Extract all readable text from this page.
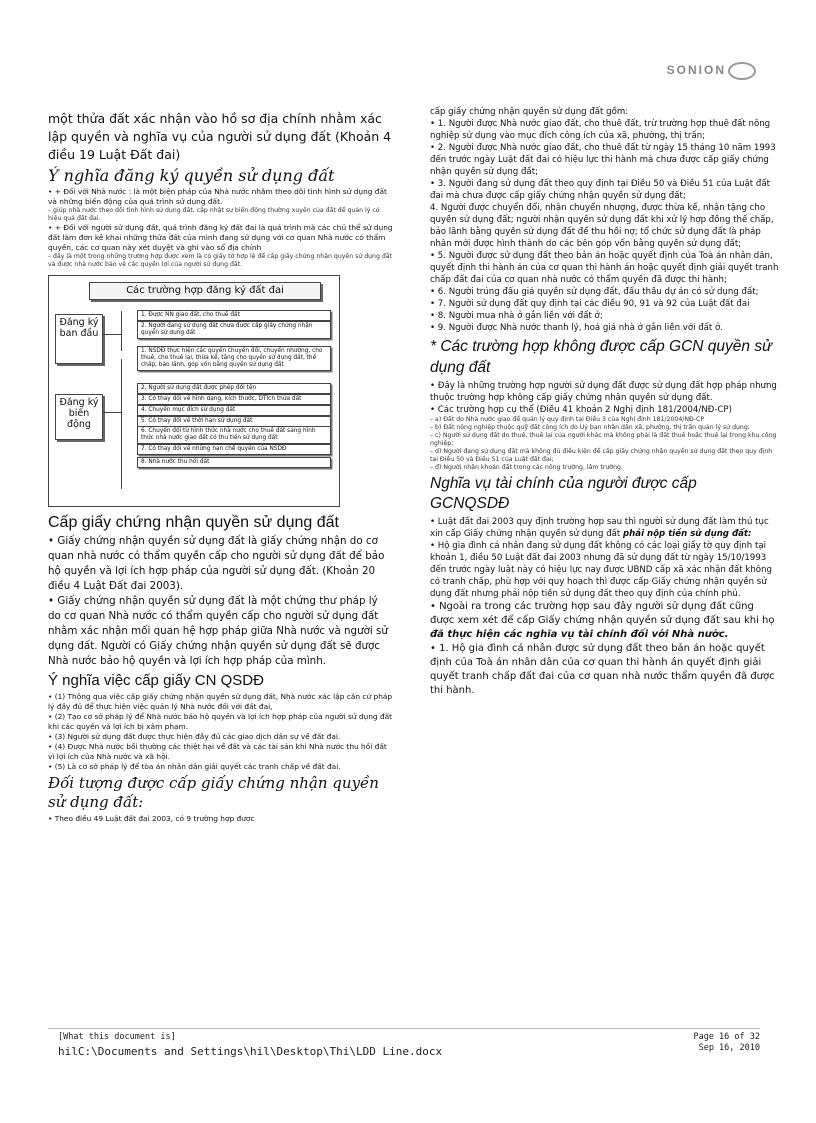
SONION

một thửa đất xác nhận vào hồ sơ địa chính nhằm xác lập quyền và nghĩa vụ của người sử dụng đất (Khoản 4 điều 19 Luật Đất đai)

Ý nghĩa đăng ký quyền sử dụng đất

• + Đối với Nhà nước : là một biện pháp của Nhà nước nhằm theo dõi tình hình sử dụng đất và những biến động của quá trình sử dụng đất.

– giúp nhà nước theo dõi tình hình sử dụng đất, cập nhật sự biến động thường xuyên của đất để quản lý có hiệu quả đất đai.

• + Đối với người sử dụng đất, quá trình đăng ký đất đai là quá trình mà các chủ thể sử dụng đất làm đơn kê khai những thửa đất của mình đang sử dụng với cơ quan Nhà nước có thẩm quyền, các cơ quan này xét duyệt và ghi vào sổ địa chính

– đây là một trong những trường hợp được xem là có giấy tờ hợp lệ để cấp giấy chứng nhận quyền sử dụng đất và được nhà nước bảo vệ các quyền lợi của người sử dụng đất.

Các trường hợp đăng ký đất đai
Đăng ký ban đầu
Đăng ký biến động
1. Được NN giao đất, cho thuê đất
2. Người đang sử dụng đất chưa được cấp giấy chứng nhận quyền sử dụng đất
1. NSDĐ thực hiện các quyền chuyển đổi, chuyển nhượng, cho thuê, cho thuê lại, thừa kế, tặng cho quyền sử dụng đất, thế chấp, bảo lãnh, góp vốn bằng quyền sử dụng đất
2. Người sử dụng đất được phép đổi tên
3. Có thay đổi về hình dạng, kích thước, DTích thửa đất
4. Chuyển mục đích sử dụng đất
5. Có thay đổi về thời hạn sử dụng đất
6. Chuyển đổi từ hình thức nhà nước cho thuê đất sang hình thức nhà nước giao đất có thu tiền sử dụng đất
7. Có thay đổi về những hạn chế quyền của NSDĐ
8. Nhà nước thu hồi đất
Cấp giấy chứng nhận quyền sử dụng đất

• Giấy chứng nhận quyền sử dụng đất là giấy chứng nhận do cơ quan nhà nước có thẩm quyền cấp cho người sử dụng đất để bảo hộ quyền và lợi ích hợp pháp của người sử dụng đất. (Khoản 20 điều 4 Luật Đất đai 2003).

• Giấy chứng nhận quyền sử dụng đất là một chứng thư pháp lý do cơ quan Nhà nước có thẩm quyền cấp cho người sử dụng đất nhằm xác nhận mối quan hệ hợp pháp giữa Nhà nước và người sử dụng đất. Người có Giấy chứng nhận quyền sử dụng đất sẽ được Nhà nước bảo hộ quyền và lợi ích hợp pháp của mình.

Ý nghĩa việc cấp giấy CN QSDĐ

• (1) Thông qua việc cấp giấy chứng nhận quyền sử dụng đất, Nhà nước xác lập căn cứ pháp lý đầy đủ để thực hiện việc quản lý Nhà nước đối với đất đai,

• (2) Tạo cơ sở pháp lý để Nhà nước bảo hộ quyền và lợi ích hợp pháp của người sử dụng đất khi các quyền và lợi ích bị xâm phạm.

• (3) Người sử dụng đất được thực hiện đầy đủ các giao dịch dân sự về đất đai.

• (4) Được Nhà nước bồi thường các thiệt hại về đất và các tài sản khi Nhà nước thu hồi đất vì lợi ích của Nhà nước và xã hội.

• (5) Là cơ sở pháp lý để tòa án nhân dân giải quyết các tranh chấp về đất đai.

Đối tượng được cấp giấy chứng nhận quyền sử dụng đất:

• Theo điều 49 Luật đất đai 2003, có 9 trường hợp được

cấp giấy chứng nhận quyền sử dụng đất gồm:

• 1. Người được Nhà nước giao đất, cho thuê đất, trừ trường hợp thuê đất nông nghiệp sử dụng vào mục đích công ích của xã, phường, thị trấn;

• 2. Người được Nhà nước giao đất, cho thuê đất từ ngày 15 tháng 10 năm 1993 đến trước ngày Luật đất đai có hiệu lực thi hành mà chưa được cấp giấy chứng nhận quyền sử dụng đất;

• 3. Người đang sử dụng đất theo quy định tại Điều 50 và Điều 51 của Luật đất đai mà chưa được cấp giấy chứng nhận quyền sử dụng đất;

4. Người được chuyển đổi, nhận chuyển nhượng, được thừa kế, nhận tặng cho quyền sử dụng đất; người nhận quyền sử dụng đất khi xử lý hợp đồng thế chấp, bảo lãnh bằng quyền sử dụng đất để thu hồi nợ; tổ chức sử dụng đất là pháp nhân mới được hình thành do các bên góp vốn bằng quyền sử dụng đất;

• 5. Người được sử dụng đất theo bản án hoặc quyết định của Toà án nhân dân, quyết định thi hành án của cơ quan thi hành án hoặc quyết định giải quyết tranh chấp đất đai của cơ quan nhà nước có thẩm quyền đã được thi hành;

• 6. Người trúng đấu giá quyền sử dụng đất, đấu thầu dự án có sử dụng đất;

• 7. Người sử dụng đất quy định tại các điều 90, 91 và 92 của Luật đất đai

• 8. Người mua nhà ở gắn liền với đất ở;

• 9. Người được Nhà nước thanh lý, hoá giá nhà ở gắn liền với đất ở.

* Các trường hợp không được cấp GCN quyền sử dụng đất

• Đây là những trường hợp người sử dụng đất được sử dụng đất hợp pháp nhưng thuộc trường hợp không cấp giấy chứng nhận quyền sử dụng đất.

• Các trường hợp cụ thể (Điều 41 khoản 2 Nghị định 181/2004/NĐ-CP)

– a) Đất do Nhà nước giao để quản lý quy định tại Điều 3 của Nghị định 181/2004/NĐ-CP

– b) Đất nông nghiệp thuộc quỹ đất công ích do Uỷ ban nhân dân xã, phường, thị trấn quản lý sử dụng;

– c) Người sử dụng đất do thuê, thuê lại của người khác mà không phải là đất thuê hoặc thuê lại trong khu công nghiệp;

– d) Người đang sử dụng đất mà không đủ điều kiện để cấp giấy chứng nhận quyền sử dụng đất theo quy định tại Điều 50 và Điều 51 của Luật đất đai;

– đ) Người nhận khoán đất trong các nông trường, lâm trường.

Nghĩa vụ tài chính của người được cấp GCNQSDĐ

• Luật đất đai 2003 quy định trường hợp sau thì người sử dụng đất làm thủ tục xin cấp Giấy chứng nhận quyền sử dụng đất phải nộp tiền sử dụng đất:

• Hộ gia đình cá nhân đang sử dụng đất không có các loại giấy tờ quy định tại khoản 1, điều 50 Luật đất đai 2003 nhưng đã sử dụng đất từ ngày 15/10/1993 đến trước ngày luật này có hiệu lực nay được UBND cấp xã xác nhận đất không có tranh chấp, phù hợp với quy hoạch thì được cấp Giấy chứng nhận quyền sử dụng đất nhưng phải nộp tiền sử dụng đất theo quy định của chính phủ.

• Ngoài ra trong các trường hợp sau đây người sử dụng đất cũng được xem xét để cấp Giấy chứng nhận quyền sử dụng đất sau khi họ đã thực hiện các nghĩa vụ tài chính đối với Nhà nước.

• 1. Hộ gia đình cá nhân được sử dụng đất theo bản án hoặc quyết định của Toà án nhân dân của cơ quan thi hành án quyết định giải quyết tranh chấp đất đai của cơ quan nhà nước thẩm quyền đã được thi hành.

[What this document is]
hilC:\Documents and Settings\hil\Desktop\Thi\LDD Line.docx
Page 16 of 32
Sep 16, 2010
